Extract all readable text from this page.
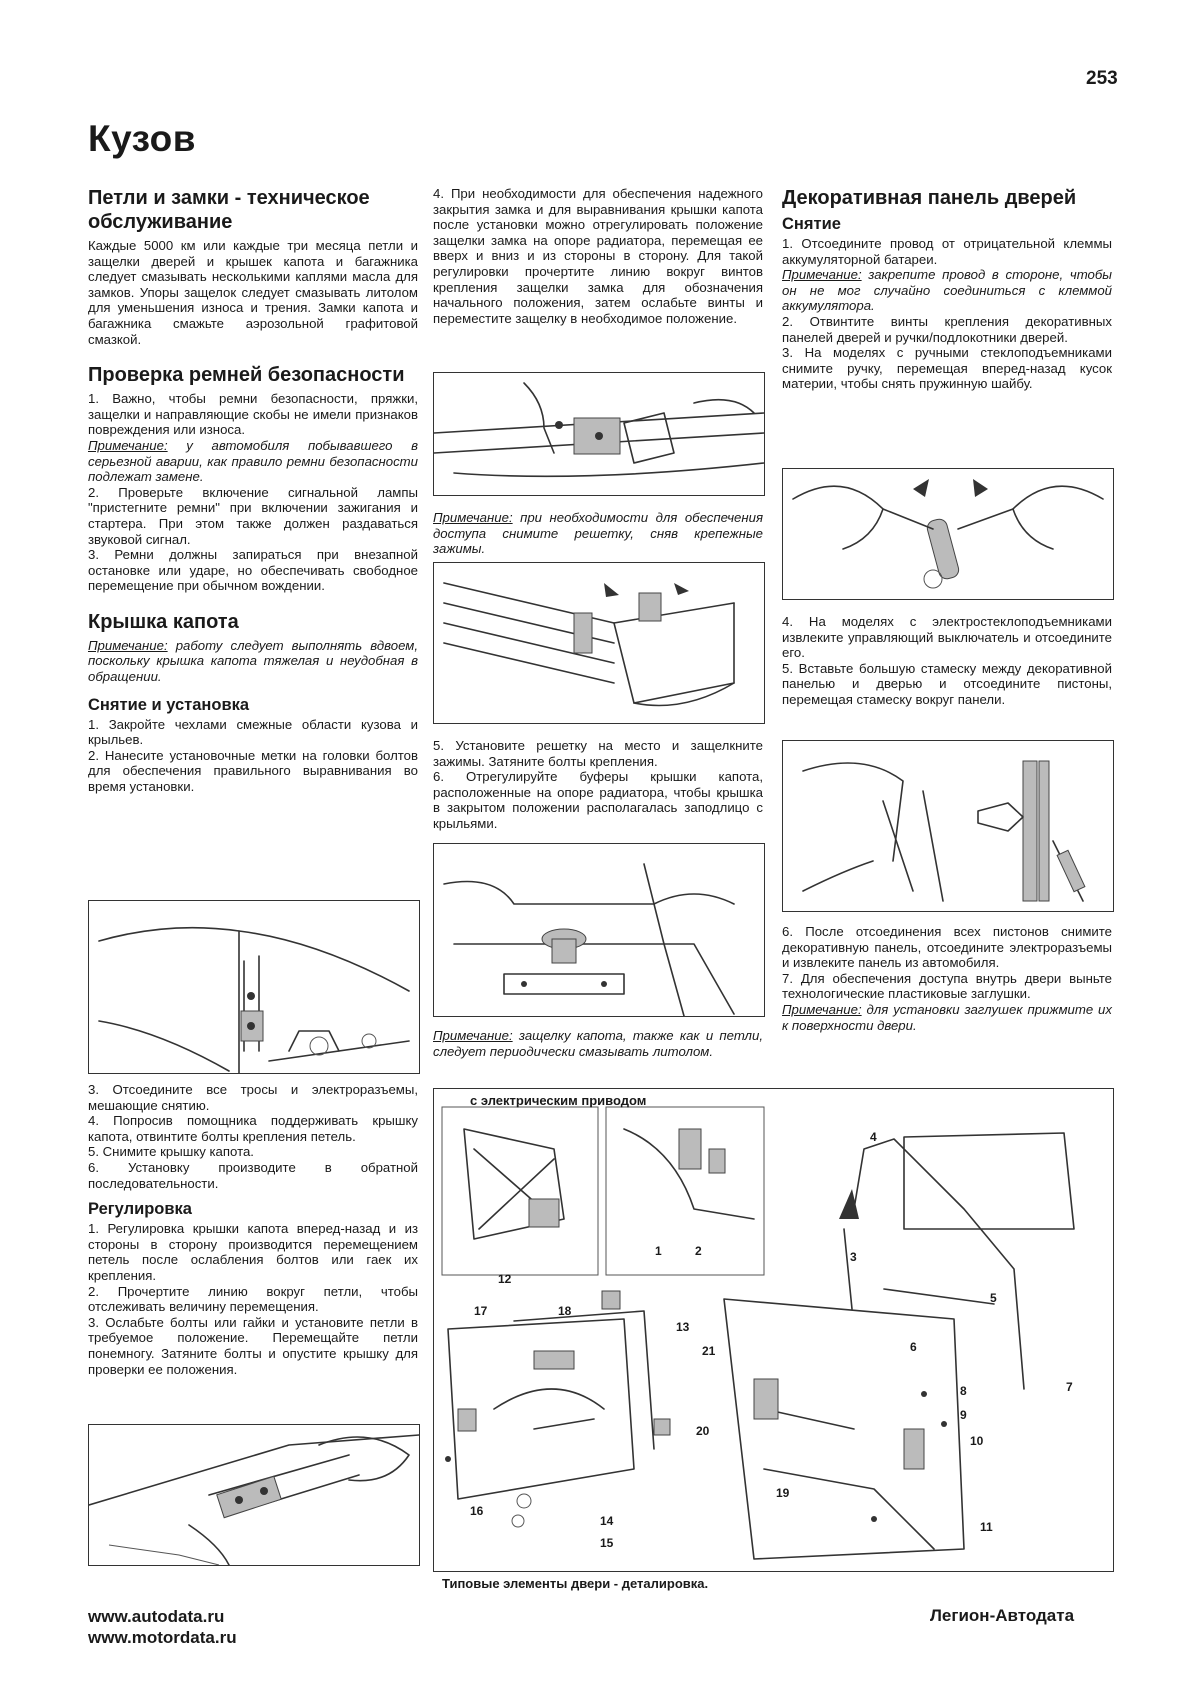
253
Кузов
Петли и замки - техническое обслуживание

Каждые 5000 км или каждые три месяца петли и защелки дверей и крышек капота и багажника следует смазывать несколькими каплями масла для замков. Упоры защелок следует смазывать литолом для уменьшения износа и трения. Замки капота и багажника смажьте аэрозольной графитовой смазкой.

Проверка ремней безопасности

1. Важно, чтобы ремни безопасности, пряжки, защелки и направляющие скобы не имели признаков повреждения или износа.

Примечание: у автомобиля побывавшего в серьезной аварии, как правило ремни безопасности подлежат замене.

2. Проверьте включение сигнальной лампы "пристегните ремни" при включении зажигания и стартера. При этом также должен раздаваться звуковой сигнал.

3. Ремни должны запираться при внезапной остановке или ударе, но обеспечивать свободное перемещение при обычном вождении.

Крышка капота

Примечание: работу следует выполнять вдвоем, поскольку крышка капота тяжелая и неудобная в обращении.

Снятие и установка

1. Закройте чехлами смежные области кузова и крыльев.

2. Нанесите установочные метки на головки болтов для обеспечения правильного выравнивания во время установки.

3. Отсоедините все тросы и электроразъемы, мешающие снятию.

4. Попросив помощника поддерживать крышку капота, отвинтите болты крепления петель.

5. Снимите крышку капота.

6. Установку производите в обратной последовательности.

Регулировка

1. Регулировка крышки капота вперед-назад и из стороны в сторону производится перемещением петель после ослабления болтов или гаек их крепления.

2. Прочертите линию вокруг петли, чтобы отслеживать величину перемещения.

3. Ослабьте болты или гайки и установите петли в требуемое положение. Перемещайте петли понемногу. Затяните болты и опустите крышку для проверки ее положения.

4. При необходимости для обеспечения надежного закрытия замка и для выравнивания крышки капота после установки можно отрегулировать положение защелки замка на опоре радиатора, перемещая ее вверх и вниз и из стороны в сторону. Для такой регулировки прочертите линию вокруг винтов крепления защелки замка для обозначения начального положения, затем ослабьте винты и переместите защелку в необходимое положение.

Примечание: при необходимости для обеспечения доступа снимите решетку, сняв крепежные зажимы.

5. Установите решетку на место и защелкните зажимы. Затяните болты крепления.

6. Отрегулируйте буферы крышки капота, расположенные на опоре радиатора, чтобы крышка в закрытом положении располагалась заподлицо с крыльями.

Примечание: защелку капота, также как и петли, следует периодически смазывать литолом.

Декоративная панель дверей
Снятие

1. Отсоедините провод от отрицательной клеммы аккумуляторной батареи.

Примечание: закрепите провод в стороне, чтобы он не мог случайно соединиться с клеммой аккумулятора.

2. Отвинтите винты крепления декоративных панелей дверей и ручки/подлокотники дверей.

3. На моделях с ручными стеклоподъемниками снимите ручку, перемещая вперед-назад кусок материи, чтобы снять пружинную шайбу.

4. На моделях с электростеклоподъемниками извлеките управляющий выключатель и отсоедините его.

5. Вставьте большую стамеску между декоративной панелью и дверью и отсоедините пистоны, перемещая стамеску вокруг панели.

6. После отсоединения всех пистонов снимите декоративную панель, отсоедините электроразъемы и извлеките панель из автомобиля.

7. Для обеспечения доступа внутрь двери выньте технологические пластиковые заглушки.

Примечание: для установки заглушек прижмите их к поверхности двери.

с электрическим приводом
1	2	3
4
5
6
7
8
9
10
11
12
13
14
15
16
17	18
19
20
21
Типовые элементы двери - деталировка.
www.autodata.ru
www.motordata.ru
Легион-Автодата
